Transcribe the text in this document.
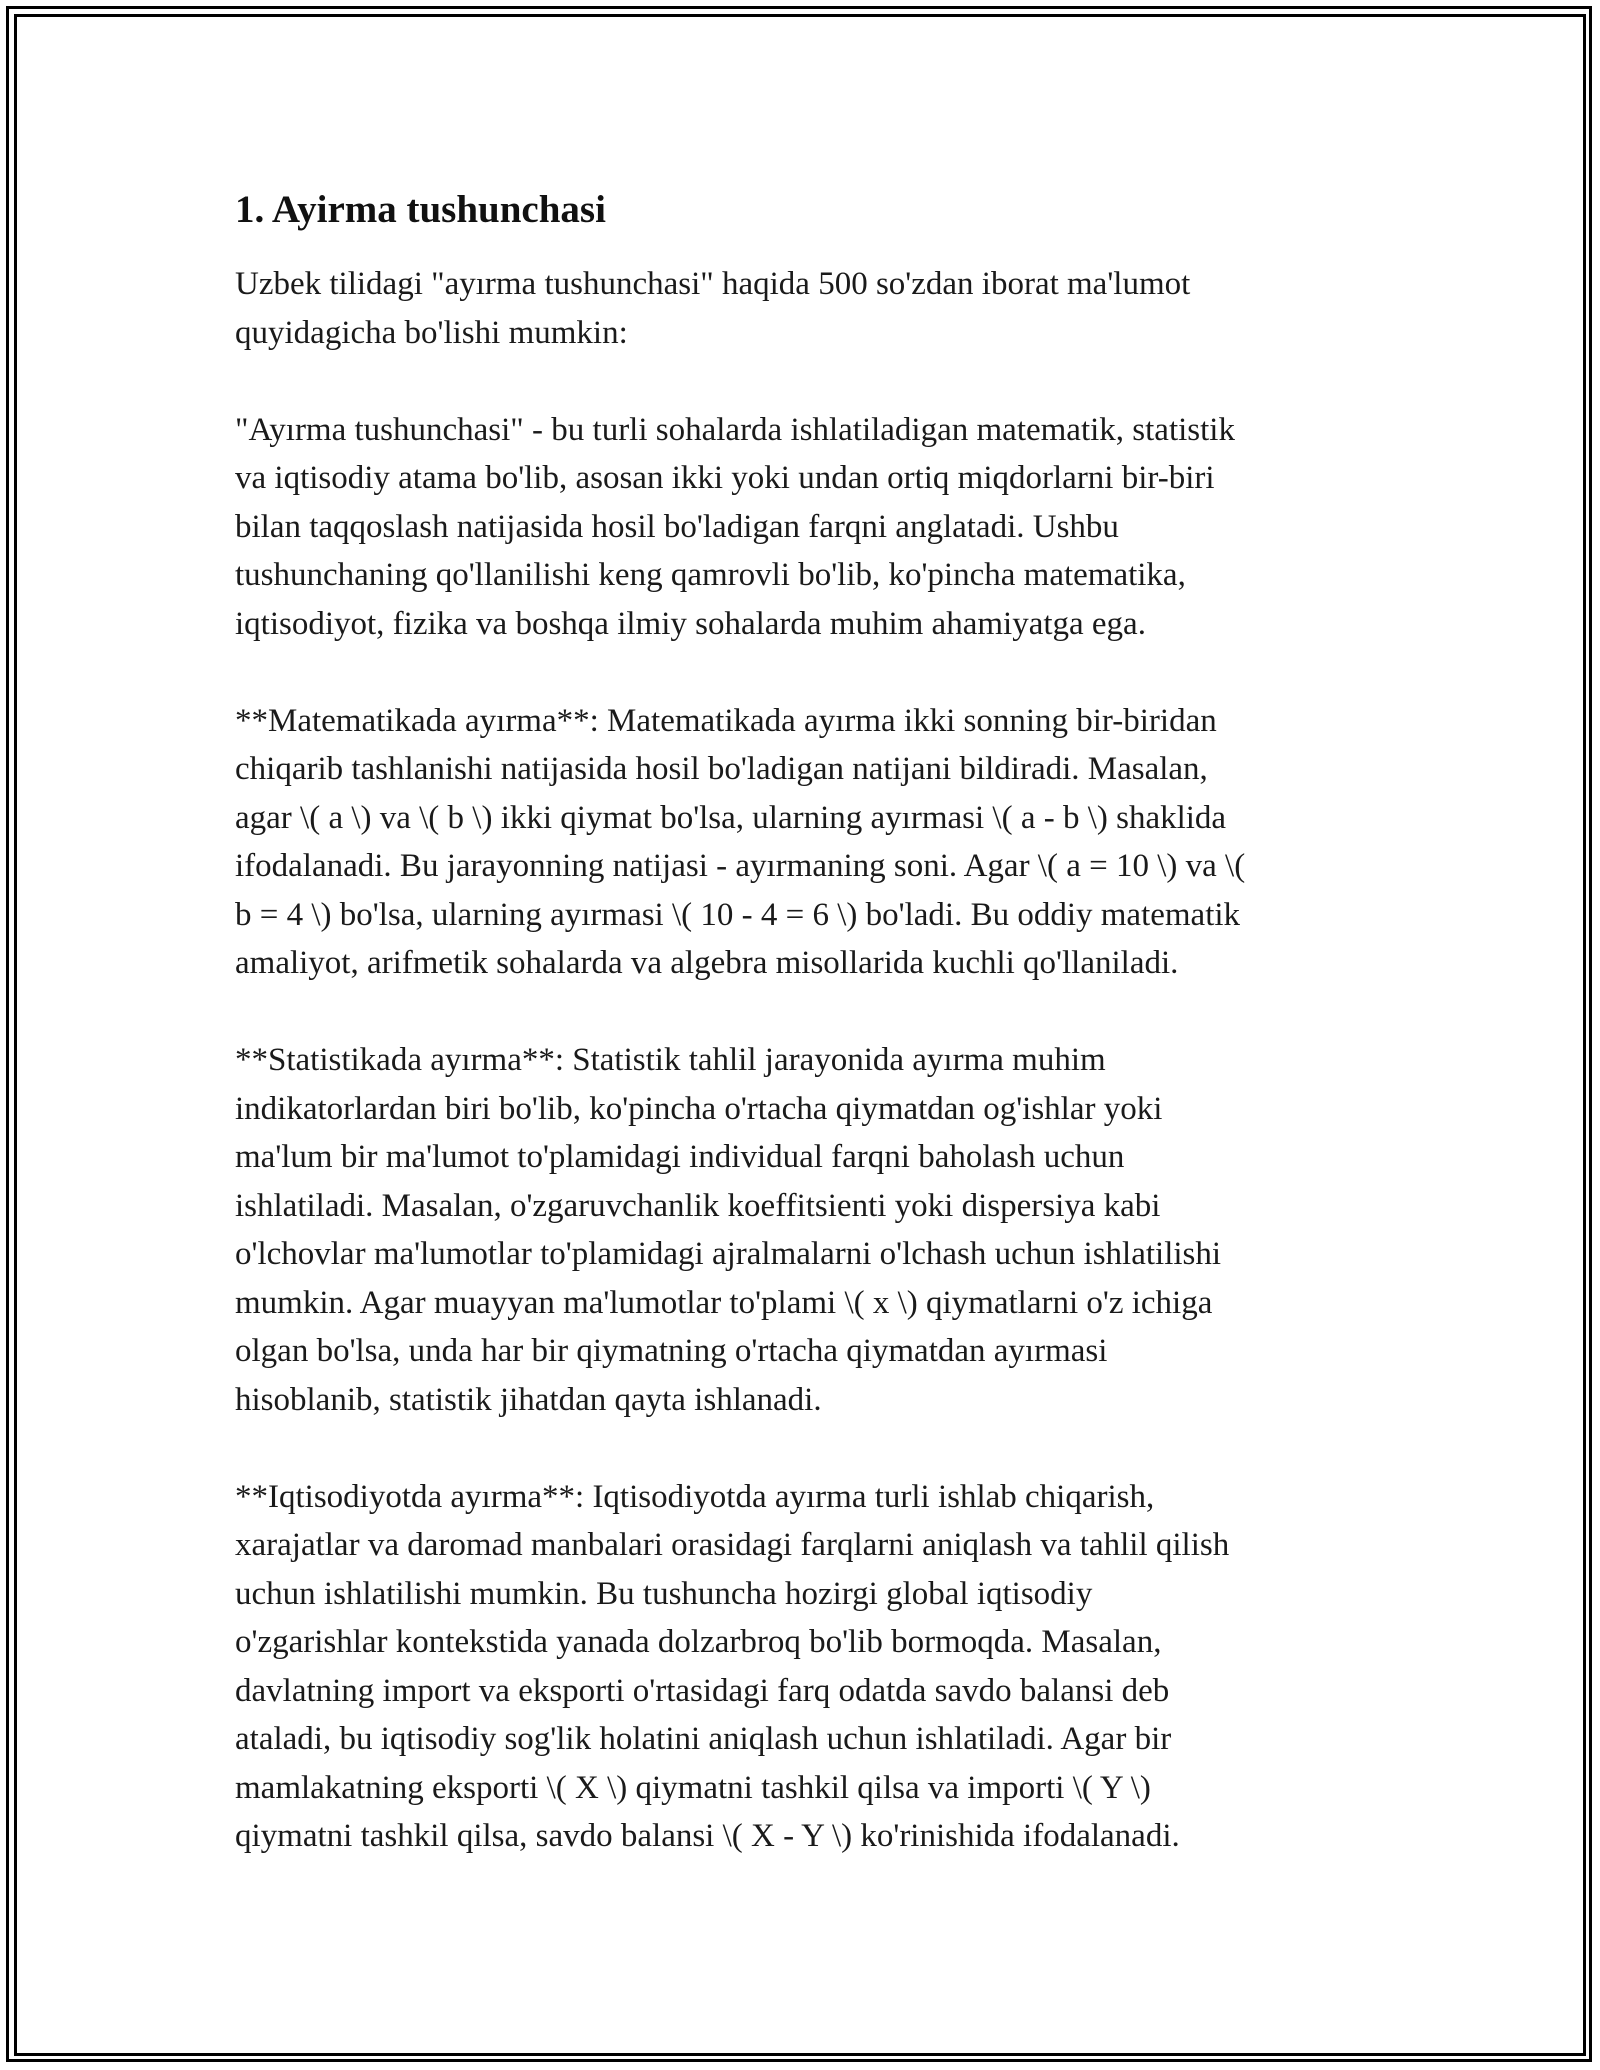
1. Ayirma tushunchasi

Uzbek tilidagi "ayırma tushunchasi" haqida 500 so'zdan iborat ma'lumot
quyidagicha bo'lishi mumkin:

"Ayırma tushunchasi" - bu turli sohalarda ishlatiladigan matematik, statistik
va iqtisodiy atama bo'lib, asosan ikki yoki undan ortiq miqdorlarni bir-biri
bilan taqqoslash natijasida hosil bo'ladigan farqni anglatadi. Ushbu
tushunchaning qo'llanilishi keng qamrovli bo'lib, ko'pincha matematika,
iqtisodiyot, fizika va boshqa ilmiy sohalarda muhim ahamiyatga ega.

**Matematikada ayırma**: Matematikada ayırma ikki sonning bir-biridan
chiqarib tashlanishi natijasida hosil bo'ladigan natijani bildiradi. Masalan,
agar \( a \) va \( b \) ikki qiymat bo'lsa, ularning ayırmasi \( a - b \) shaklida
ifodalanadi. Bu jarayonning natijasi - ayırmaning soni. Agar \( a = 10 \) va \(
b = 4 \) bo'lsa, ularning ayırmasi \( 10 - 4 = 6 \) bo'ladi. Bu oddiy matematik
amaliyot, arifmetik sohalarda va algebra misollarida kuchli qo'llaniladi.

**Statistikada ayırma**: Statistik tahlil jarayonida ayırma muhim
indikatorlardan biri bo'lib, ko'pincha o'rtacha qiymatdan og'ishlar yoki
ma'lum bir ma'lumot to'plamidagi individual farqni baholash uchun
ishlatiladi. Masalan, o'zgaruvchanlik koeffitsienti yoki dispersiya kabi
o'lchovlar ma'lumotlar to'plamidagi ajralmalarni o'lchash uchun ishlatilishi
mumkin. Agar muayyan ma'lumotlar to'plami \( x \) qiymatlarni o'z ichiga
olgan bo'lsa, unda har bir qiymatning o'rtacha qiymatdan ayırmasi
hisoblanib, statistik jihatdan qayta ishlanadi.

**Iqtisodiyotda ayırma**: Iqtisodiyotda ayırma turli ishlab chiqarish,
xarajatlar va daromad manbalari orasidagi farqlarni aniqlash va tahlil qilish
uchun ishlatilishi mumkin. Bu tushuncha hozirgi global iqtisodiy
o'zgarishlar kontekstida yanada dolzarbroq bo'lib bormoqda. Masalan,
davlatning import va eksporti o'rtasidagi farq odatda savdo balansi deb
ataladi, bu iqtisodiy sog'lik holatini aniqlash uchun ishlatiladi. Agar bir
mamlakatning eksporti \( X \) qiymatni tashkil qilsa va importi \( Y \)
qiymatni tashkil qilsa, savdo balansi \( X - Y \) ko'rinishida ifodalanadi.
